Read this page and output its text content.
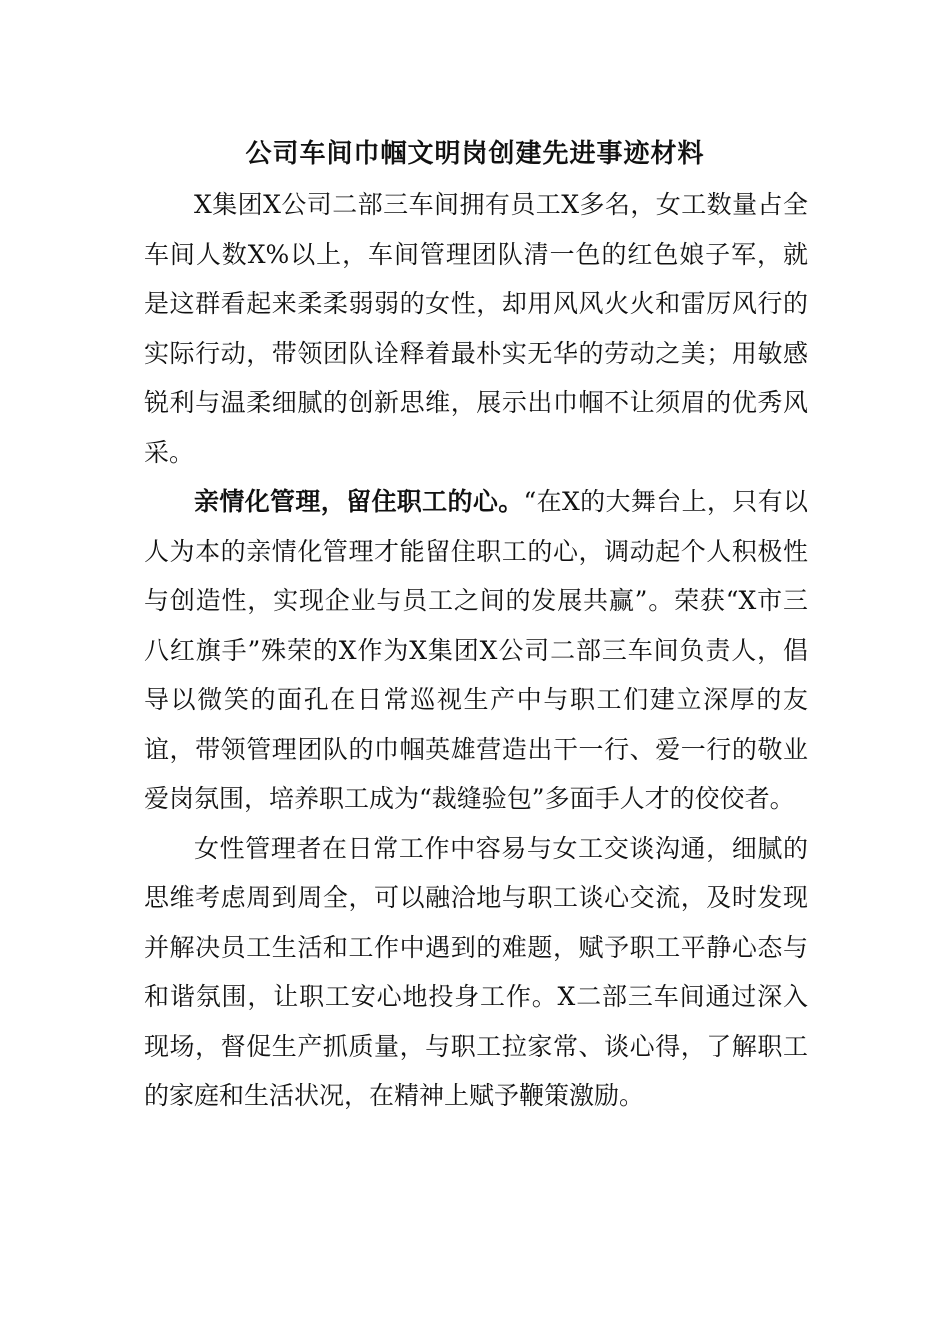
公司车间巾帼文明岗创建先进事迹材料

X集团X公司二部三车间拥有员工X多名，女工数量占全车间人数X%以上，车间管理团队清一色的红色娘子军，就是这群看起来柔柔弱弱的女性，却用风风火火和雷厉风行的实际行动，带领团队诠释着最朴实无华的劳动之美；用敏感锐利与温柔细腻的创新思维，展示出巾帼不让须眉的优秀风采。

亲情化管理，留住职工的心。“在X的大舞台上，只有以人为本的亲情化管理才能留住职工的心，调动起个人积极性与创造性，实现企业与员工之间的发展共赢”。荣获“X市三八红旗手”殊荣的X作为X集团X公司二部三车间负责人，倡导以微笑的面孔在日常巡视生产中与职工们建立深厚的友谊，带领管理团队的巾帼英雄营造出干一行、爱一行的敬业爱岗氛围，培养职工成为“裁缝验包”多面手人才的佼佼者。

女性管理者在日常工作中容易与女工交谈沟通，细腻的思维考虑周到周全，可以融洽地与职工谈心交流，及时发现并解决员工生活和工作中遇到的难题，赋予职工平静心态与和谐氛围，让职工安心地投身工作。X二部三车间通过深入现场，督促生产抓质量，与职工拉家常、谈心得，了解职工的家庭和生活状况，在精神上赋予鞭策激励。
